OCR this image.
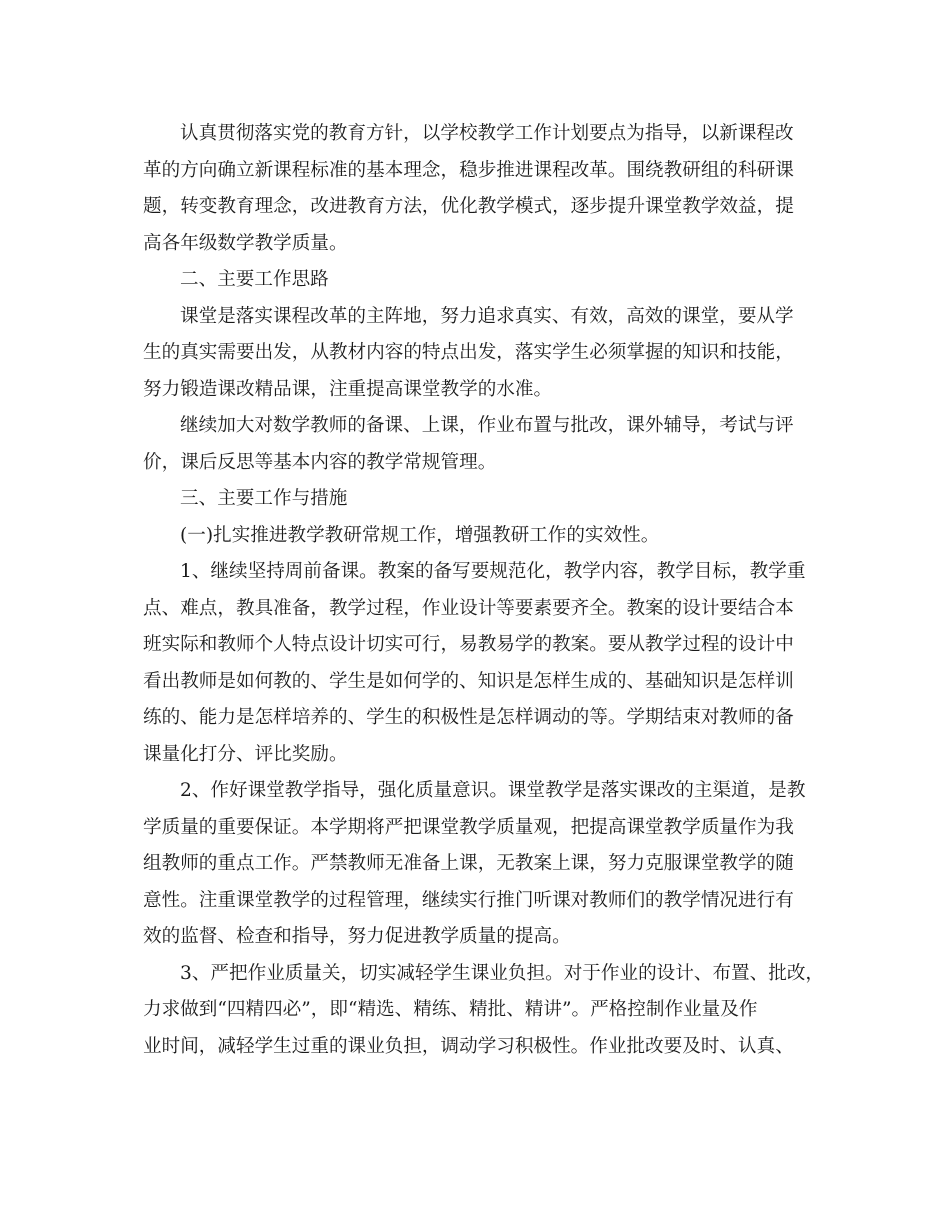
认真贯彻落实党的教育方针，以学校教学工作计划要点为指导，以新课程改
革的方向确立新课程标准的基本理念，稳步推进课程改革。围绕教研组的科研课
题，转变教育理念，改进教育方法，优化教学模式，逐步提升课堂教学效益，提
高各年级数学教学质量。
二、主要工作思路
课堂是落实课程改革的主阵地，努力追求真实、有效，高效的课堂，要从学
生的真实需要出发，从教材内容的特点出发，落实学生必须掌握的知识和技能，
努力锻造课改精品课，注重提高课堂教学的水准。
继续加大对数学教师的备课、上课，作业布置与批改，课外辅导，考试与评
价，课后反思等基本内容的教学常规管理。
三、主要工作与措施
(一)扎实推进教学教研常规工作，增强教研工作的实效性。
1、继续坚持周前备课。教案的备写要规范化，教学内容，教学目标，教学重
点、难点，教具准备，教学过程，作业设计等要素要齐全。教案的设计要结合本
班实际和教师个人特点设计切实可行，易教易学的教案。要从教学过程的设计中
看出教师是如何教的、学生是如何学的、知识是怎样生成的、基础知识是怎样训
练的、能力是怎样培养的、学生的积极性是怎样调动的等。学期结束对教师的备
课量化打分、评比奖励。
2、作好课堂教学指导，强化质量意识。课堂教学是落实课改的主渠道，是教
学质量的重要保证。本学期将严把课堂教学质量观，把提高课堂教学质量作为我
组教师的重点工作。严禁教师无准备上课，无教案上课，努力克服课堂教学的随
意性。注重课堂教学的过程管理，继续实行推门听课对教师们的教学情况进行有
效的监督、检查和指导，努力促进教学质量的提高。
3、严把作业质量关，切实减轻学生课业负担。对于作业的设计、布置、批改，
力求做到“四精四必”，即“精选、精练、精批、精讲”。严格控制作业量及作
业时间，减轻学生过重的课业负担，调动学习积极性。作业批改要及时、认真、
